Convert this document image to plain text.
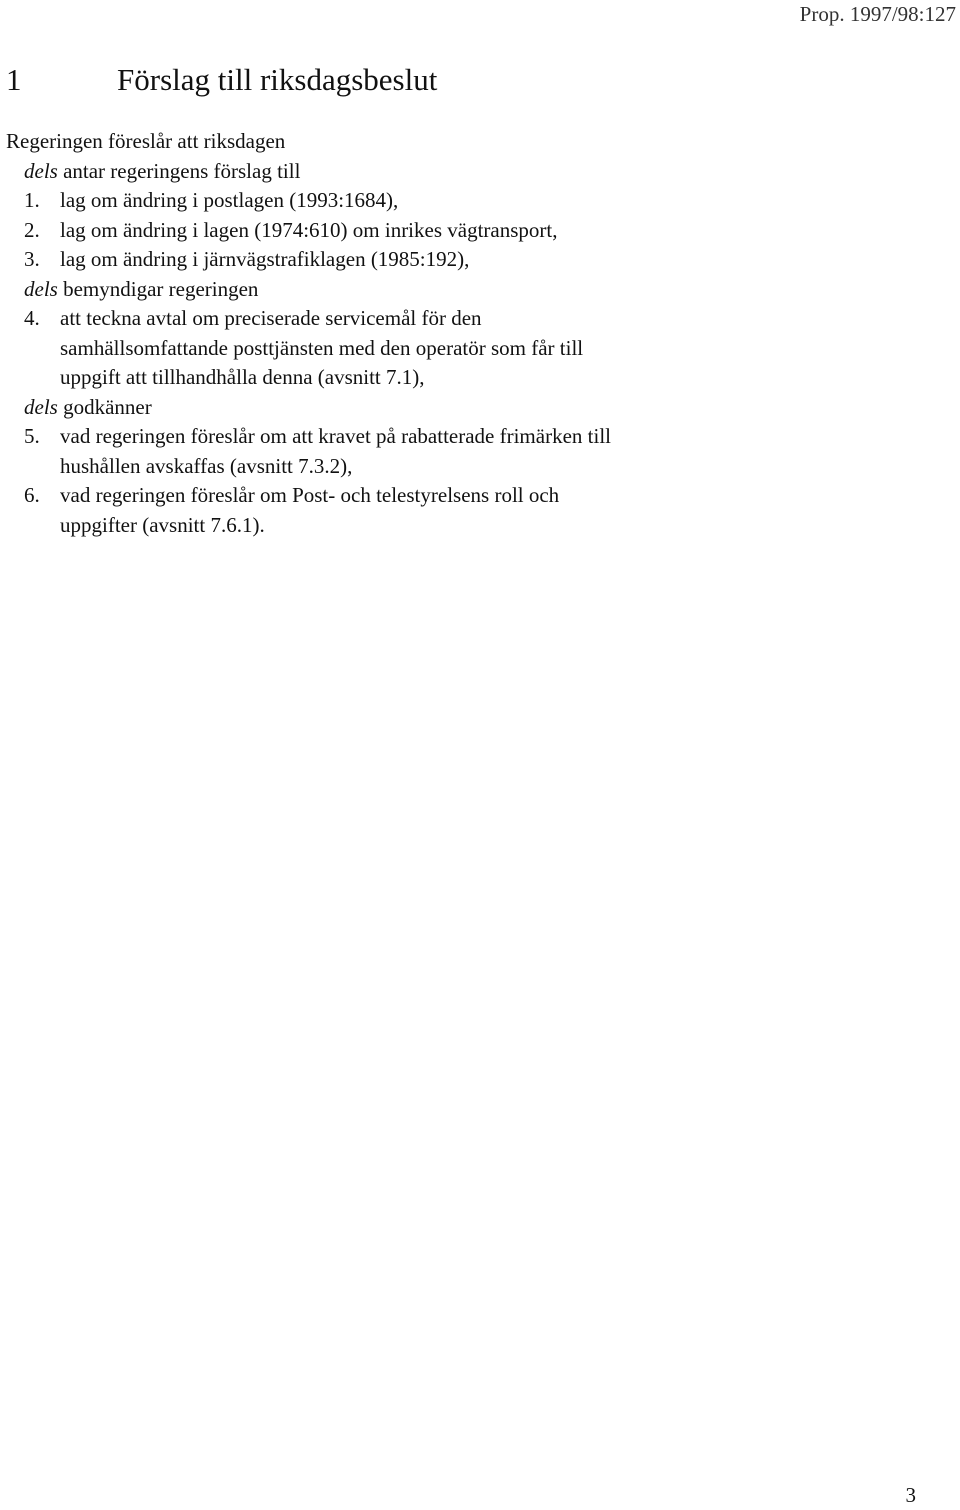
Prop. 1997/98:127
1	Förslag till riksdagsbeslut
Regeringen föreslår att riksdagen
dels antar regeringens förslag till
1. lag om ändring i postlagen (1993:1684),
2. lag om ändring i lagen (1974:610) om inrikes vägtransport,
3. lag om ändring i järnvägstrafiklagen (1985:192),
dels bemyndigar regeringen
4. att teckna avtal om preciserade servicemål för den
samhällsomfattande posttjänsten med den operatör som får till
uppgift att tillhandhålla denna (avsnitt 7.1),
dels godkänner
5. vad regeringen föreslår om att kravet på rabatterade frimärken till
hushållen avskaffas (avsnitt 7.3.2),
6. vad regeringen föreslår om Post- och telestyrelsens roll och
uppgifter (avsnitt 7.6.1).
3
